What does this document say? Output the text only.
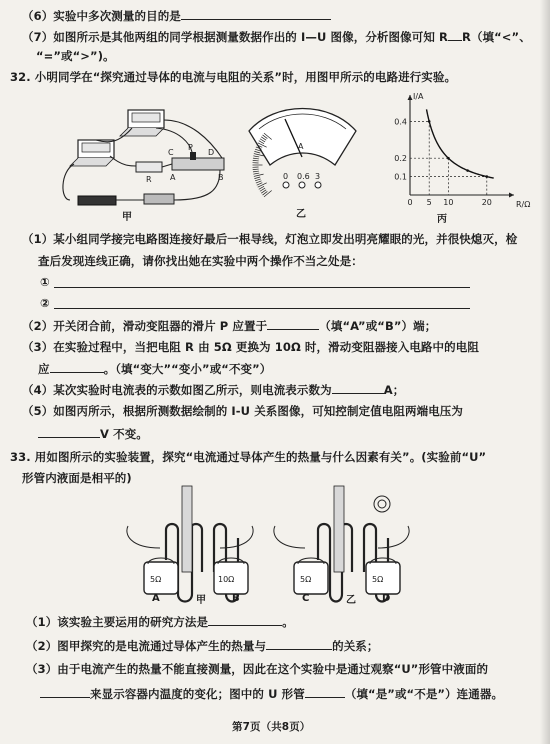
（6）实验中多次测量的目的是
（7）如图所示是其他两组的同学根据测量数据作出的 I—U 图像，分析图像可知 R R（填“<”、
“=”或“>”)。
32. 小明同学在“探究通过导体的电流与电阻的关系”时，用图甲所示的电路进行实验。
C
P
D
A	B
R
甲
A
0 0.6 3
乙
0.1
0.2
0.4
0 5 10	20	R/Ω
I/A
丙
（1）某小组同学接完电路图连接好最后一根导线，灯泡立即发出明亮耀眼的光，并很快熄灭，检
查后发现连线正确，请你找出她在实验中两个操作不当之处是：
①
②
（2）开关闭合前，滑动变阻器的滑片 P 应置于	（填“A”或“B”）端；
（3）在实验过程中，当把电阻 R 由 5Ω 更换为 10Ω 时，滑动变阻器接入电路中的电阻
应	。（填“变大”“变小”或“不变”）
（4）某次实验时电流表的示数如图乙所示，则电流表示数为	A；
（5）如图丙所示，根据所测数据绘制的 I-U 关系图像，可知控制定值电阻两端电压为
V 不变。
33. 用如图所示的实验装置，探究“电流通过导体产生的热量与什么因素有关”。(实验前“U”
形管内液面是相平的)
5Ω	10Ω	5Ω	5Ω
A	甲	B	C	乙	D
（1）该实验主要运用的研究方法是	。
（2）图甲探究的是电流通过导体产生的热量与	的关系；
（3）由于电流产生的热量不能直接测量，因此在这个实验中是通过观察“U”形管中液面的
来显示容器内温度的变化；图中的 U 形管	（填“是”或“不是”）连通器。
第7页（共8页）
